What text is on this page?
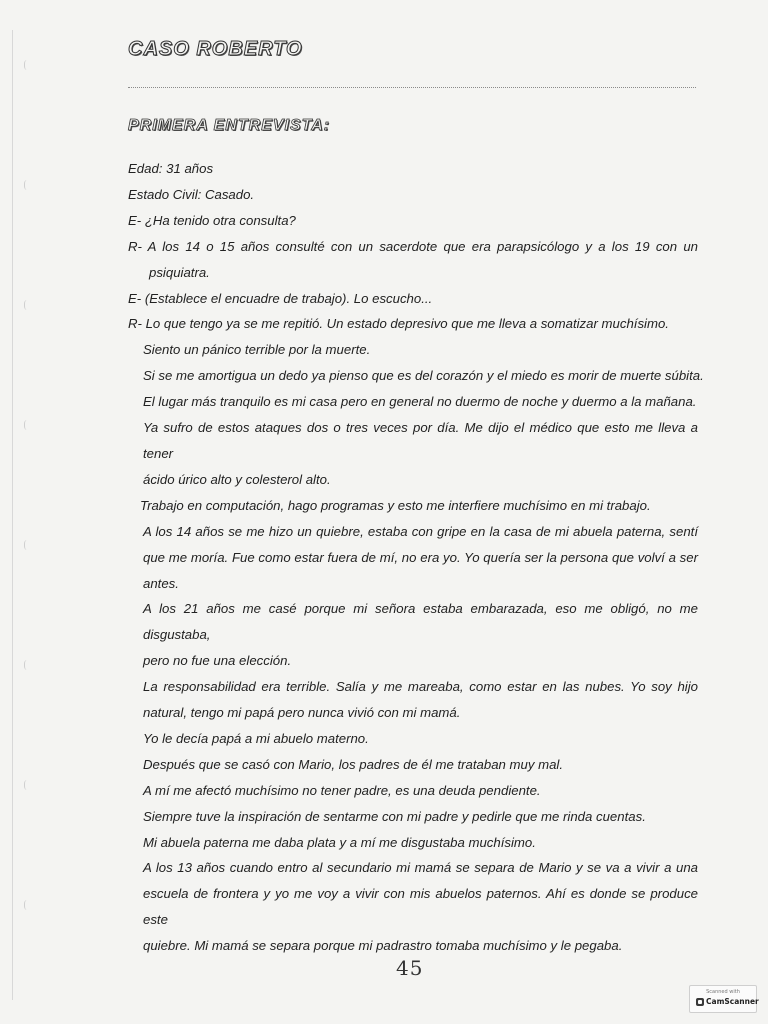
CASO ROBERTO
PRIMERA ENTREVISTA:
Edad: 31 años
Estado Civil: Casado.
E- ¿Ha tenido otra consulta?
R- A los 14 o 15 años consulté con un sacerdote que era parapsicólogo y a los 19 con un
psiquiatra.
E- (Establece el encuadre de trabajo). Lo escucho...
R- Lo que tengo ya se me repitió. Un estado depresivo que me lleva a somatizar muchísimo.
Siento un pánico terrible por la muerte.
Si se me amortigua un dedo ya pienso que es del corazón y el miedo es morir de muerte súbita.
El lugar más tranquilo es mi casa pero en general no duermo de noche y duermo a la mañana.
Ya sufro de estos ataques dos o tres veces por día. Me dijo el médico que esto me lleva a tener
ácido úrico alto y colesterol alto.
Trabajo en computación, hago programas y esto me interfiere muchísimo en mi trabajo.
A los 14 años se me hizo un quiebre, estaba con gripe en la casa de mi abuela paterna, sentí
que me moría. Fue como estar fuera de mí, no era yo. Yo quería ser la persona que volví a ser
antes.
A los 21 años me casé porque mi señora estaba embarazada, eso me obligó, no me disgustaba,
pero no fue una elección.
La responsabilidad era terrible. Salía y me mareaba, como estar en las nubes. Yo soy hijo
natural, tengo mi papá pero nunca vivió con mi mamá.
Yo le decía papá a mi abuelo materno.
Después que se casó con Mario, los padres de él me trataban muy mal.
A mí me afectó muchísimo no tener padre, es una deuda pendiente.
Siempre tuve la inspiración de sentarme con mi padre y pedirle que me rinda cuentas.
Mi abuela paterna me daba plata y a mí me disgustaba muchísimo.
A los 13 años cuando entro al secundario mi mamá se separa de Mario y se va a vivir a una
escuela de frontera y yo me voy a vivir con mis abuelos paternos. Ahí es donde se produce este
quiebre. Mi mamá se separa porque mi padrastro tomaba muchísimo y le pegaba.
45
Scanned with
CamScanner
